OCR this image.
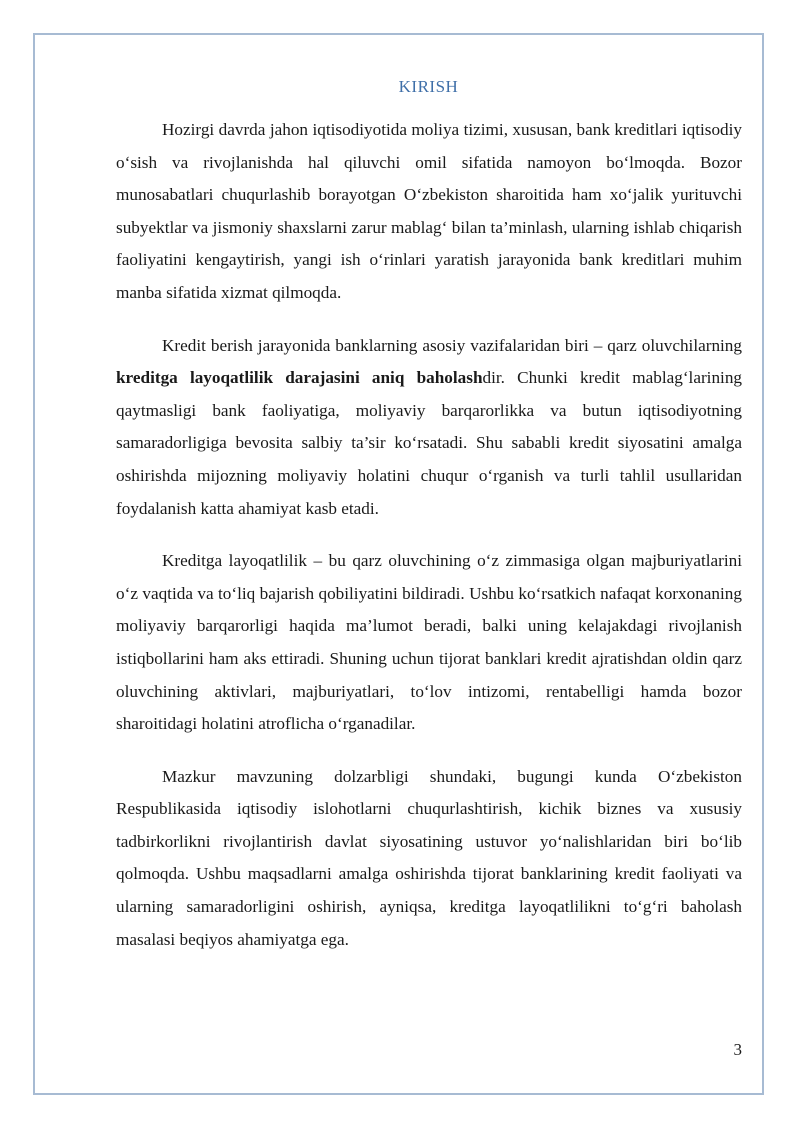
KIRISH

Hozirgi davrda jahon iqtisodiyotida moliya tizimi, xususan, bank kreditlari iqtisodiy o‘sish va rivojlanishda hal qiluvchi omil sifatida namoyon bo‘lmoqda. Bozor munosabatlari chuqurlashib borayotgan O‘zbekiston sharoitida ham xo‘jalik yurituvchi subyektlar va jismoniy shaxslarni zarur mablag‘ bilan ta’minlash, ularning ishlab chiqarish faoliyatini kengaytirish, yangi ish o‘rinlari yaratish jarayonida bank kreditlari muhim manba sifatida xizmat qilmoqda.

Kredit berish jarayonida banklarning asosiy vazifalaridan biri – qarz oluvchilarning kreditga layoqatlilik darajasini aniq baholashdir. Chunki kredit mablag‘larining qaytmasligi bank faoliyatiga, moliyaviy barqarorlikka va butun iqtisodiyotning samaradorligiga bevosita salbiy ta’sir ko‘rsatadi. Shu sababli kredit siyosatini amalga oshirishda mijozning moliyaviy holatini chuqur o‘rganish va turli tahlil usullaridan foydalanish katta ahamiyat kasb etadi.

Kreditga layoqatlilik – bu qarz oluvchining o‘z zimmasiga olgan majburiyatlarini o‘z vaqtida va to‘liq bajarish qobiliyatini bildiradi. Ushbu ko‘rsatkich nafaqat korxonaning moliyaviy barqarorligi haqida ma’lumot beradi, balki uning kelajakdagi rivojlanish istiqbollarini ham aks ettiradi. Shuning uchun tijorat banklari kredit ajratishdan oldin qarz oluvchining aktivlari, majburiyatlari, to‘lov intizomi, rentabelligi hamda bozor sharoitidagi holatini atroflicha o‘rganadilar.

Mazkur mavzuning dolzarbligi shundaki, bugungi kunda O‘zbekiston Respublikasida iqtisodiy islohotlarni chuqurlashtirish, kichik biznes va xususiy tadbirkorlikni rivojlantirish davlat siyosatining ustuvor yo‘nalishlaridan biri bo‘lib qolmoqda. Ushbu maqsadlarni amalga oshirishda tijorat banklarining kredit faoliyati va ularning samaradorligini oshirish, ayniqsa, kreditga layoqatlilikni to‘g‘ri baholash masalasi beqiyos ahamiyatga ega.

3
